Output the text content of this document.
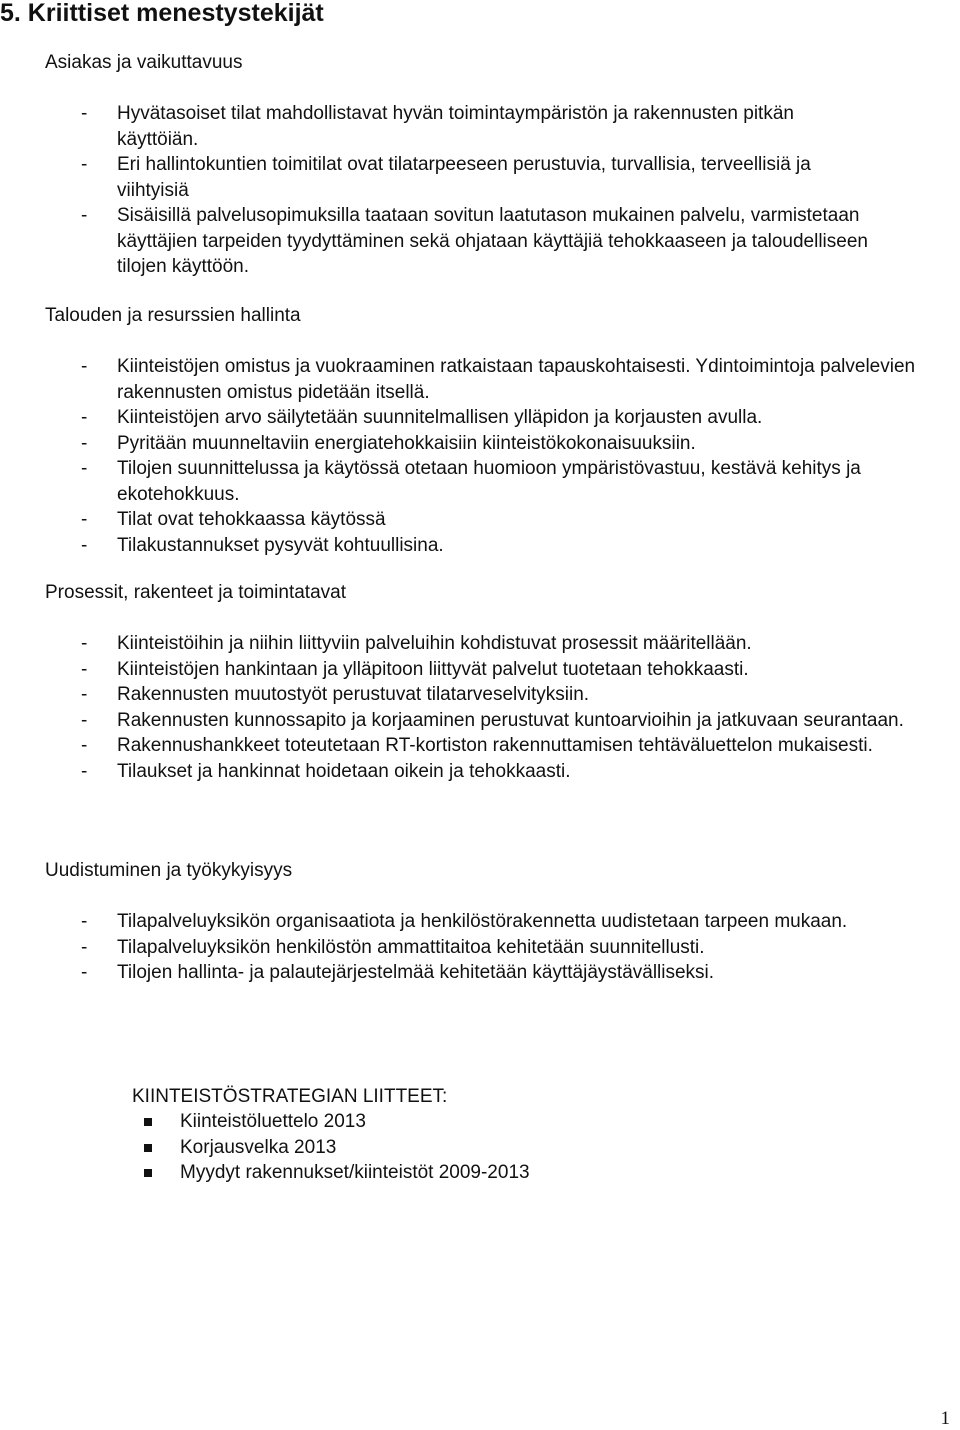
5. Kriittiset menestystekijät

Asiakas ja vaikuttavuus

- Hyvätasoiset tilat mahdollistavat hyvän toimintaympäristön ja rakennusten pitkän käyttöiän.
- Eri hallintokuntien toimitilat ovat tilatarpeeseen perustuvia, turvallisia, terveellisiä ja viihtyisiä
- Sisäisillä palvelusopimuksilla taataan sovitun laatutason mukainen palvelu, varmistetaan käyttäjien tarpeiden tyydyttäminen sekä ohjataan käyttäjiä tehokkaaseen ja taloudelliseen tilojen käyttöön.

Talouden ja resurssien hallinta

- Kiinteistöjen omistus ja vuokraaminen ratkaistaan tapauskohtaisesti. Ydintoimintoja palvelevien rakennusten omistus pidetään itsellä.
- Kiinteistöjen arvo säilytetään suunnitelmallisen ylläpidon ja korjausten avulla.
- Pyritään muunneltaviin energiatehokkaisiin kiinteistökokonaisuuksiin.
- Tilojen suunnittelussa ja käytössä otetaan huomioon ympäristövastuu, kestävä kehitys ja ekotehokkuus.
- Tilat ovat tehokkaassa käytössä
- Tilakustannukset pysyvät kohtuullisina.

Prosessit, rakenteet ja toimintatavat

- Kiinteistöihin ja niihin liittyviin palveluihin kohdistuvat prosessit määritellään.
- Kiinteistöjen hankintaan ja ylläpitoon liittyvät palvelut tuotetaan tehokkaasti.
- Rakennusten muutostyöt perustuvat tilatarveselvityksiin.
- Rakennusten kunnossapito ja korjaaminen perustuvat kuntoarvioihin ja jatkuvaan seurantaan.
- Rakennushankkeet toteutetaan RT-kortiston rakennuttamisen tehtäväluettelon mukaisesti.
- Tilaukset ja hankinnat hoidetaan oikein ja tehokkaasti.

Uudistuminen ja työkykyisyys

- Tilapalveluyksikön organisaatiota ja henkilöstörakennetta uudistetaan tarpeen mukaan.
- Tilapalveluyksikön henkilöstön ammattitaitoa kehitetään suunnitellusti.
- Tilojen hallinta- ja palautejärjestelmää kehitetään käyttäjäystävälliseksi.

KIINTEISTÖSTRATEGIAN LIITTEET:

Kiinteistöluettelo 2013
Korjausvelka 2013
Myydyt rakennukset/kiinteistöt 2009-2013
1
